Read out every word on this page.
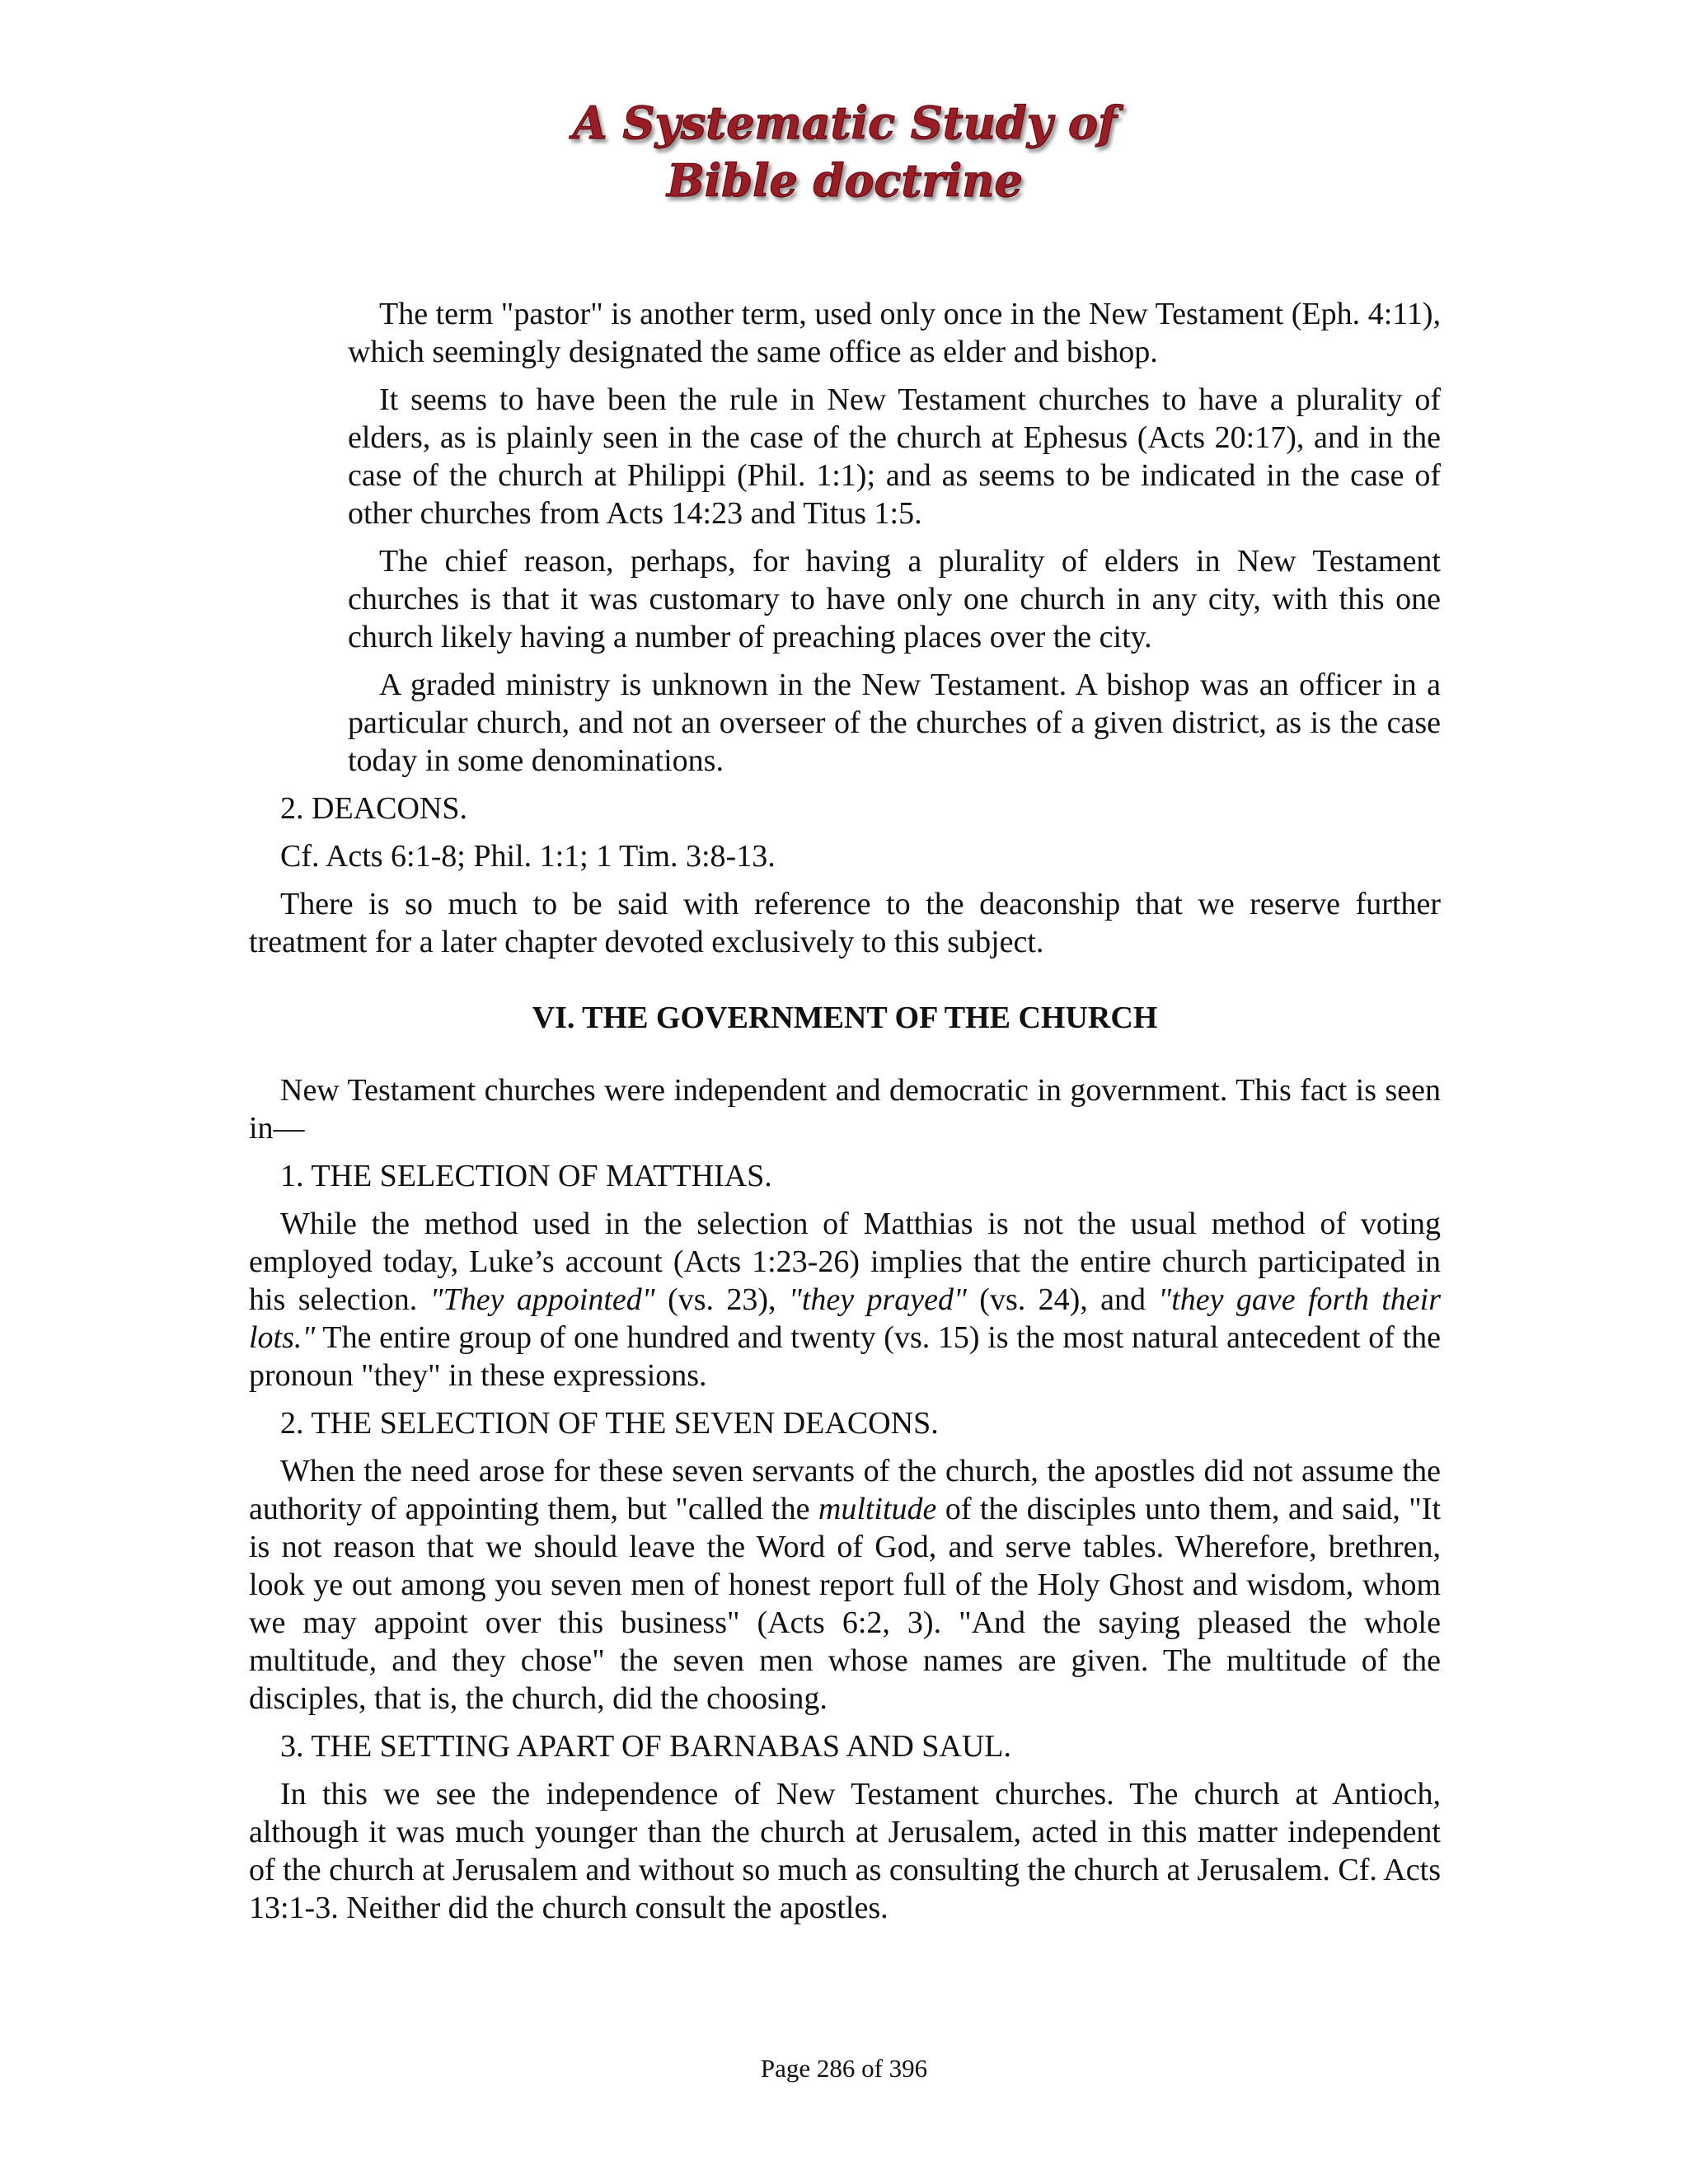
A Systematic Study of
Bible doctrine

The term "pastor" is another term, used only once in the New Testament (Eph. 4:11), which seemingly designated the same office as elder and bishop.

It seems to have been the rule in New Testament churches to have a plurality of elders, as is plainly seen in the case of the church at Ephesus (Acts 20:17), and in the case of the church at Philippi (Phil. 1:1); and as seems to be indicated in the case of other churches from Acts 14:23 and Titus 1:5.

The chief reason, perhaps, for having a plurality of elders in New Testament churches is that it was customary to have only one church in any city, with this one church likely having a number of preaching places over the city.

A graded ministry is unknown in the New Testament. A bishop was an officer in a particular church, and not an overseer of the churches of a given district, as is the case today in some denominations.

2. DEACONS.

Cf. Acts 6:1-8; Phil. 1:1; 1 Tim. 3:8-13.

There is so much to be said with reference to the deaconship that we reserve further treatment for a later chapter devoted exclusively to this subject.

VI. THE GOVERNMENT OF THE CHURCH

New Testament churches were independent and democratic in government. This fact is seen in—

1. THE SELECTION OF MATTHIAS.

While the method used in the selection of Matthias is not the usual method of voting employed today, Luke’s account (Acts 1:23-26) implies that the entire church participated in his selection. "They appointed" (vs. 23), "they prayed" (vs. 24), and "they gave forth their lots." The entire group of one hundred and twenty (vs. 15) is the most natural antecedent of the pronoun "they" in these expressions.

2. THE SELECTION OF THE SEVEN DEACONS.

When the need arose for these seven servants of the church, the apostles did not assume the authority of appointing them, but "called the multitude of the disciples unto them, and said, "It is not reason that we should leave the Word of God, and serve tables. Wherefore, brethren, look ye out among you seven men of honest report full of the Holy Ghost and wisdom, whom we may appoint over this business" (Acts 6:2, 3). "And the saying pleased the whole multitude, and they chose" the seven men whose names are given. The multitude of the disciples, that is, the church, did the choosing.

3. THE SETTING APART OF BARNABAS AND SAUL.

In this we see the independence of New Testament churches. The church at Antioch, although it was much younger than the church at Jerusalem, acted in this matter independent of the church at Jerusalem and without so much as consulting the church at Jerusalem. Cf. Acts 13:1-3. Neither did the church consult the apostles.

Page 286 of 396
